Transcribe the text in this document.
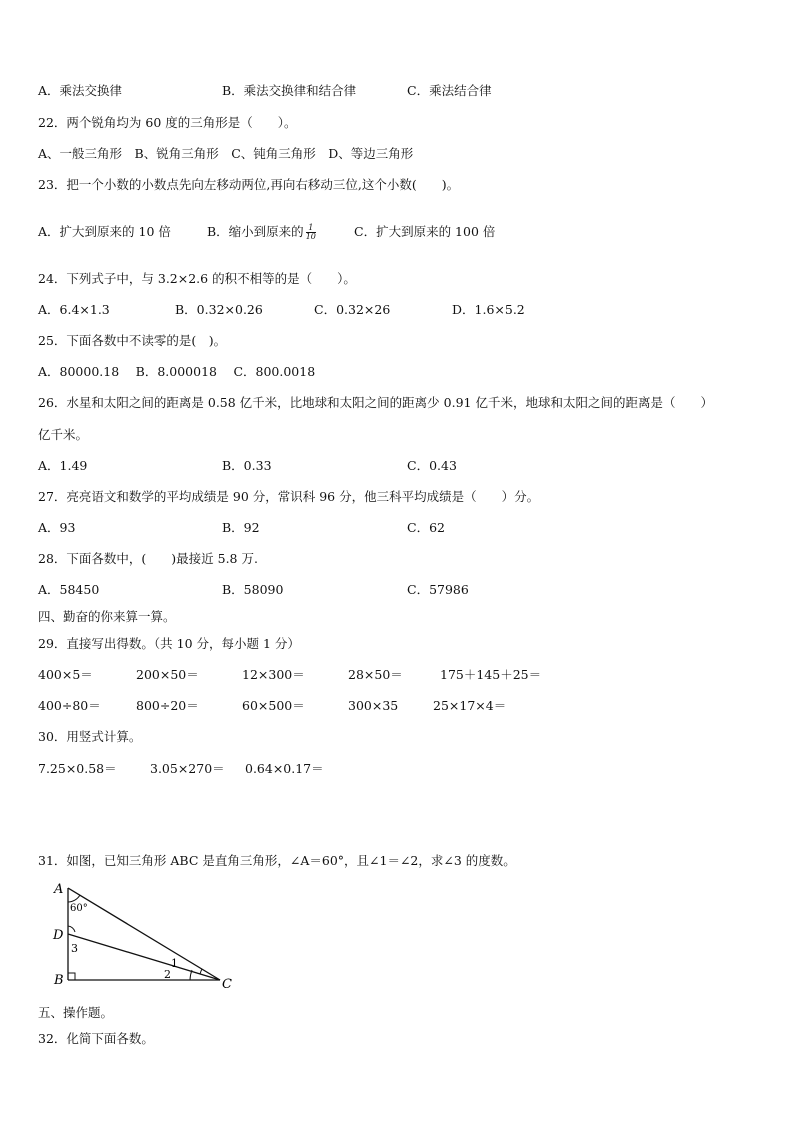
A．乘法交换律	B．乘法交换律和结合律	C．乘法结合律
22．两个锐角均为 60 度的三角形是（　　）。
A、一般三角形　B、锐角三角形　C、钝角三角形　D、等边三角形
23．把一个小数的小数点先向左移动两位,再向右移动三位,这个小数(　　)。
A．扩大到原来的 10 倍	B．缩小到原来的 $\frac{1}{10}$	C．扩大到原来的 100 倍
24．下列式子中，与 3.2×2.6 的积不相等的是（　　）。
A．6.4×1.3	B．0.32×0.26	C．0.32×26	D．1.6×5.2
25．下面各数中不读零的是(　)。
A．80000.18　 B．8.000018　 C．800.0018
26．水星和太阳之间的距离是 0.58 亿千米，比地球和太阳之间的距离少 0.91 亿千米，地球和太阳之间的距离是（　　）
亿千米。
A．1.49	B．0.33	C．0.43
27．亮亮语文和数学的平均成绩是 90 分，常识科 96 分，他三科平均成绩是（　　）分。
A．93	B．92	C．62
28．下面各数中，(　　)最接近 5.8 万.
A．58450	B．58090	C．57986
四、勤奋的你来算一算。
29．直接写出得数。（共 10 分，每小题 1 分）
400×5＝	200×50＝	12×300＝	28×50＝	175＋145＋25＝
400÷80＝	800÷20＝	60×500＝	300×35	25×17×4＝
30．用竖式计算。
7.25×0.58＝	3.05×270＝ 0.64×0.17＝
31．如图，已知三角形 ABC 是直角三角形，∠A＝60°，且∠1＝∠2，求∠3 的度数。
A
60°
D
3
B	C
1
2
五、操作题。
32．化简下面各数。
